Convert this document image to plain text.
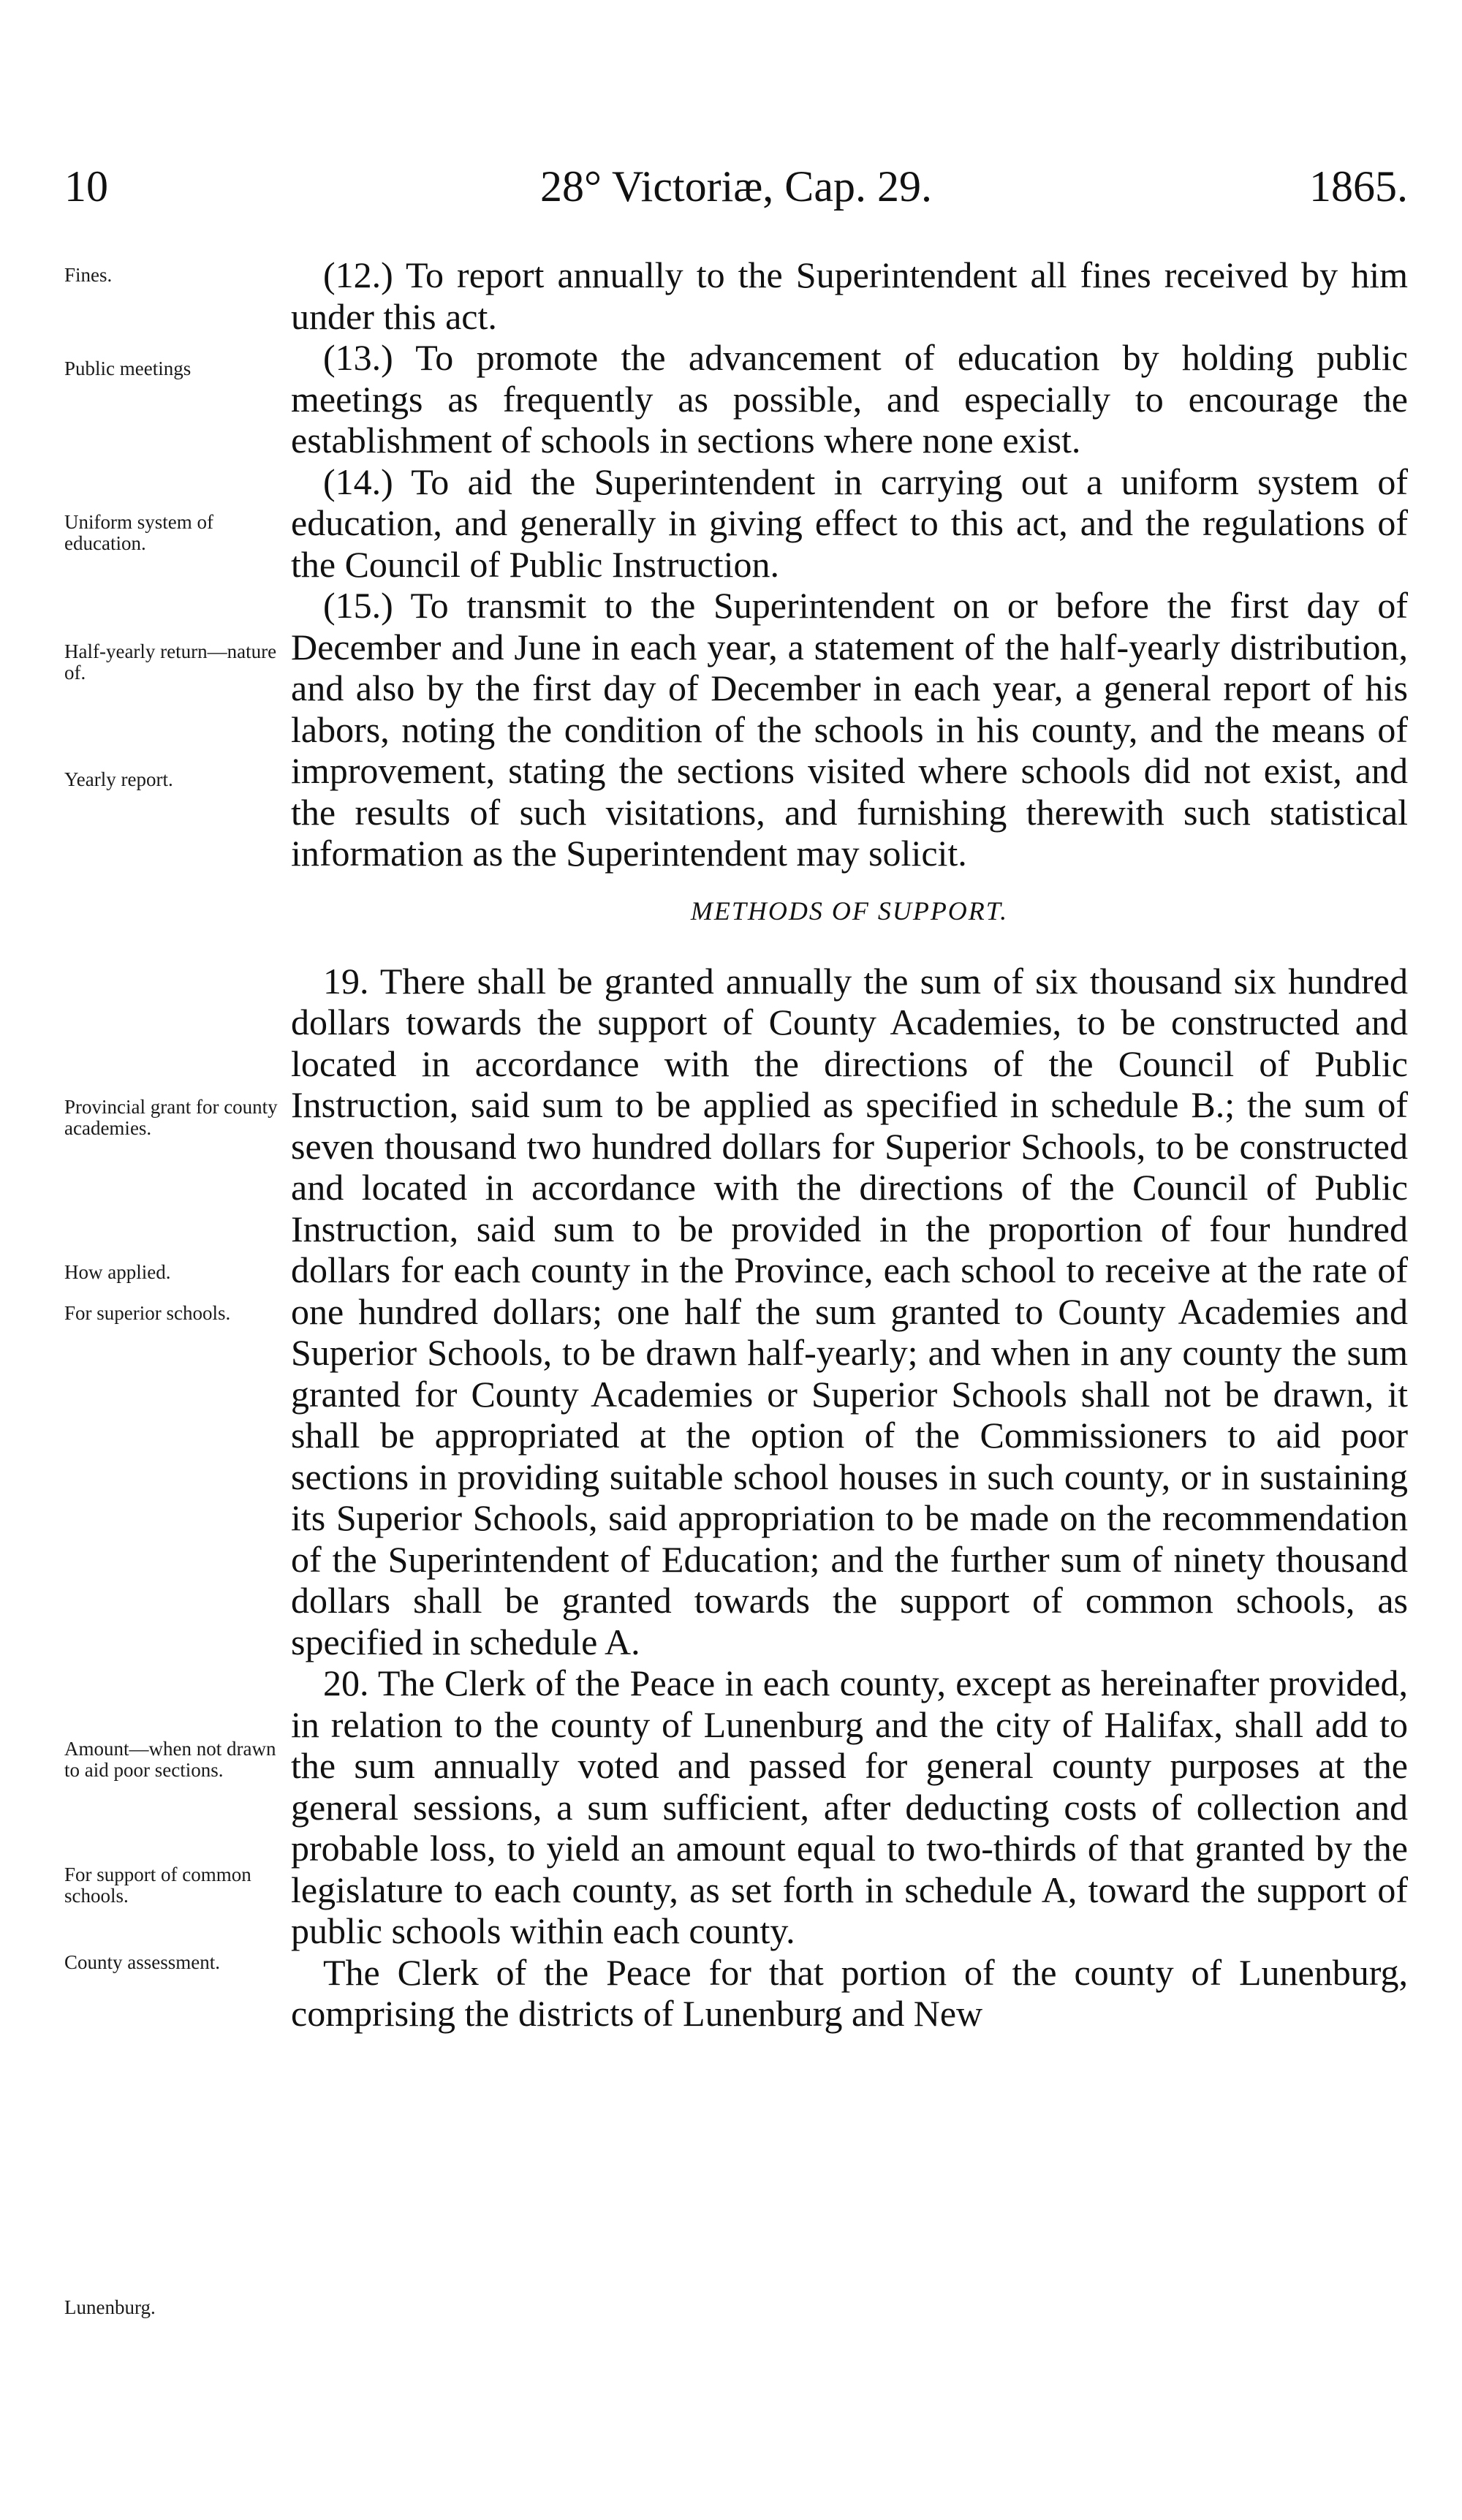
10	28° Victoriæ, Cap. 29.	1865.
Fines.
Public meetings
Uniform system of education.
Half-yearly return—nature of.
Yearly report.
Provincial grant for county academies.
How applied.
For superior schools.
Amount—when not drawn to aid poor sections.
For support of common schools.
County assessment.
Lunenburg.

(12.) To report annually to the Superintendent all fines received by him under this act.

(13.) To promote the advancement of education by holding public meetings as frequently as possible, and especially to encourage the establishment of schools in sections where none exist.

(14.) To aid the Superintendent in carrying out a uniform system of education, and generally in giving effect to this act, and the regulations of the Council of Public Instruction.

(15.) To transmit to the Superintendent on or before the first day of December and June in each year, a statement of the half-yearly distribution, and also by the first day of December in each year, a general report of his labors, noting the condition of the schools in his county, and the means of improvement, stating the sections visited where schools did not exist, and the results of such visitations, and furnishing therewith such statistical information as the Superintendent may solicit.

METHODS OF SUPPORT.

19. There shall be granted annually the sum of six thousand six hundred dollars towards the support of County Academies, to be constructed and located in accordance with the directions of the Council of Public Instruction, said sum to be applied as specified in schedule B.; the sum of seven thousand two hundred dollars for Superior Schools, to be constructed and located in accordance with the directions of the Council of Public Instruction, said sum to be provided in the proportion of four hundred dollars for each county in the Province, each school to receive at the rate of one hundred dollars; one half the sum granted to County Academies and Superior Schools, to be drawn half-yearly; and when in any county the sum granted for County Academies or Superior Schools shall not be drawn, it shall be appropriated at the option of the Commissioners to aid poor sections in providing suitable school houses in such county, or in sustaining its Superior Schools, said appropriation to be made on the recommendation of the Superintendent of Education; and the further sum of ninety thousand dollars shall be granted towards the support of common schools, as specified in schedule A.

20. The Clerk of the Peace in each county, except as hereinafter provided, in relation to the county of Lunenburg and the city of Halifax, shall add to the sum annually voted and passed for general county purposes at the general sessions, a sum sufficient, after deducting costs of collection and probable loss, to yield an amount equal to two-thirds of that granted by the legislature to each county, as set forth in schedule A, toward the support of public schools within each county.

The Clerk of the Peace for that portion of the county of Lunenburg, comprising the districts of Lunenburg and New
